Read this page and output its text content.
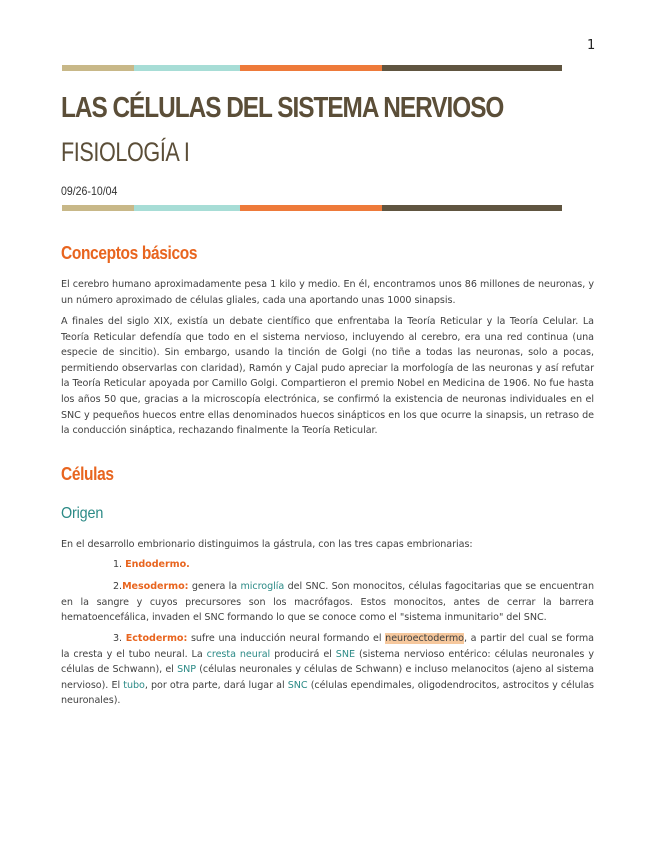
1
LAS CÉLULAS DEL SISTEMA NERVIOSO
FISIOLOGÍA I
09/26-10/04
Conceptos básicos

El cerebro humano aproximadamente pesa 1 kilo y medio. En él, encontramos unos 86 millones de neuronas, y un número aproximado de células gliales, cada una aportando unas 1000 sinapsis.

A finales del siglo XIX, existía un debate científico que enfrentaba la Teoría Reticular y la Teoría Celular. La Teoría Reticular defendía que todo en el sistema nervioso, incluyendo al cerebro, era una red continua (una especie de sincitio). Sin embargo, usando la tinción de Golgi (no tiñe a todas las neuronas, solo a pocas, permitiendo observarlas con claridad), Ramón y Cajal pudo apreciar la morfología de las neuronas y así refutar la Teoría Reticular apoyada por Camillo Golgi. Compartieron el premio Nobel en Medicina de 1906. No fue hasta los años 50 que, gracias a la microscopía electrónica, se confirmó la existencia de neuronas individuales en el SNC y pequeños huecos entre ellas denominados huecos sinápticos en los que ocurre la sinapsis, un retraso de la conducción sináptica, rechazando finalmente la Teoría Reticular.

Células
Origen

En el desarrollo embrionario distinguimos la gástrula, con las tres capas embrionarias:

1. Endodermo.

2.Mesodermo: genera la microglía del SNC. Son monocitos, células fagocitarias que se encuentran en la sangre y cuyos precursores son los macrófagos. Estos monocitos, antes de cerrar la barrera hematoencefálica, invaden el SNC formando lo que se conoce como el "sistema inmunitario" del SNC.

3. Ectodermo: sufre una inducción neural formando el neuroectodermo, a partir del cual se forma la cresta y el tubo neural. La cresta neural producirá el SNE (sistema nervioso entérico: células neuronales y células de Schwann), el SNP (células neuronales y células de Schwann) e incluso melanocitos (ajeno al sistema nervioso). El tubo, por otra parte, dará lugar al SNC (células ependimales, oligodendrocitos, astrocitos y células neuronales).
